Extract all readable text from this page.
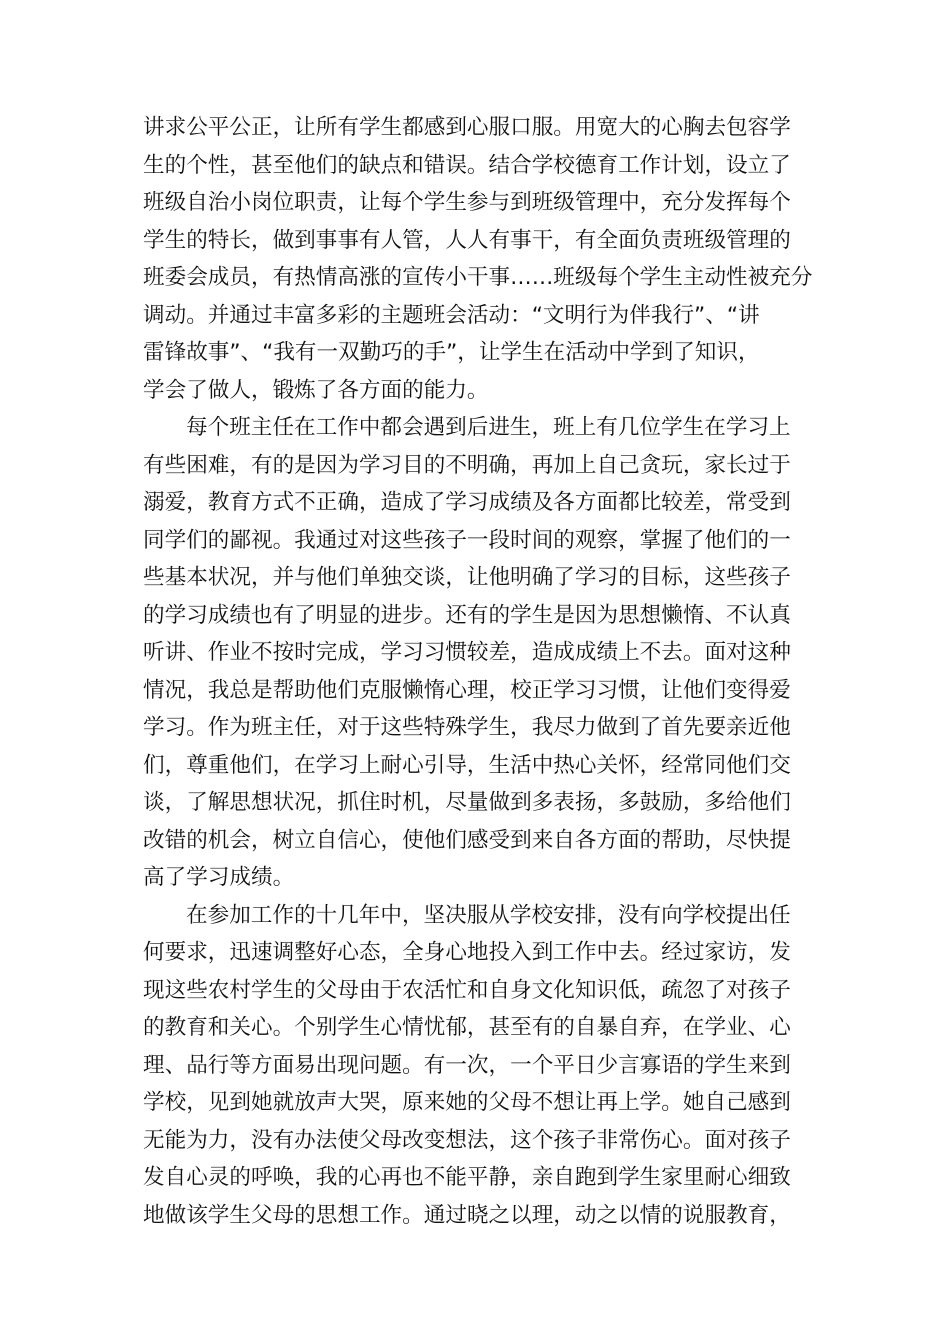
讲求公平公正，让所有学生都感到心服口服。用宽大的心胸去包容学
生的个性，甚至他们的缺点和错误。结合学校德育工作计划，设立了
班级自治小岗位职责，让每个学生参与到班级管理中，充分发挥每个
学生的特长，做到事事有人管，人人有事干，有全面负责班级管理的
班委会成员，有热情高涨的宣传小干事……班级每个学生主动性被充分
调动。并通过丰富多彩的主题班会活动：“文明行为伴我行”、“讲
雷锋故事”、“我有一双勤巧的手”，让学生在活动中学到了知识，
学会了做人，锻炼了各方面的能力。
每个班主任在工作中都会遇到后进生，班上有几位学生在学习上
有些困难，有的是因为学习目的不明确，再加上自己贪玩，家长过于
溺爱，教育方式不正确，造成了学习成绩及各方面都比较差，常受到
同学们的鄙视。我通过对这些孩子一段时间的观察，掌握了他们的一
些基本状况，并与他们单独交谈，让他明确了学习的目标，这些孩子
的学习成绩也有了明显的进步。还有的学生是因为思想懒惰、不认真
听讲、作业不按时完成，学习习惯较差，造成成绩上不去。面对这种
情况，我总是帮助他们克服懒惰心理，校正学习习惯，让他们变得爱
学习。作为班主任，对于这些特殊学生，我尽力做到了首先要亲近他
们，尊重他们，在学习上耐心引导，生活中热心关怀，经常同他们交
谈，了解思想状况，抓住时机，尽量做到多表扬，多鼓励，多给他们
改错的机会，树立自信心，使他们感受到来自各方面的帮助，尽快提
高了学习成绩。
在参加工作的十几年中，坚决服从学校安排，没有向学校提出任
何要求，迅速调整好心态，全身心地投入到工作中去。经过家访，发
现这些农村学生的父母由于农活忙和自身文化知识低，疏忽了对孩子
的教育和关心。个别学生心情忧郁，甚至有的自暴自弃，在学业、心
理、品行等方面易出现问题。有一次，一个平日少言寡语的学生来到
学校，见到她就放声大哭，原来她的父母不想让再上学。她自己感到
无能为力，没有办法使父母改变想法，这个孩子非常伤心。面对孩子
发自心灵的呼唤，我的心再也不能平静，亲自跑到学生家里耐心细致
地做该学生父母的思想工作。通过晓之以理，动之以情的说服教育，
